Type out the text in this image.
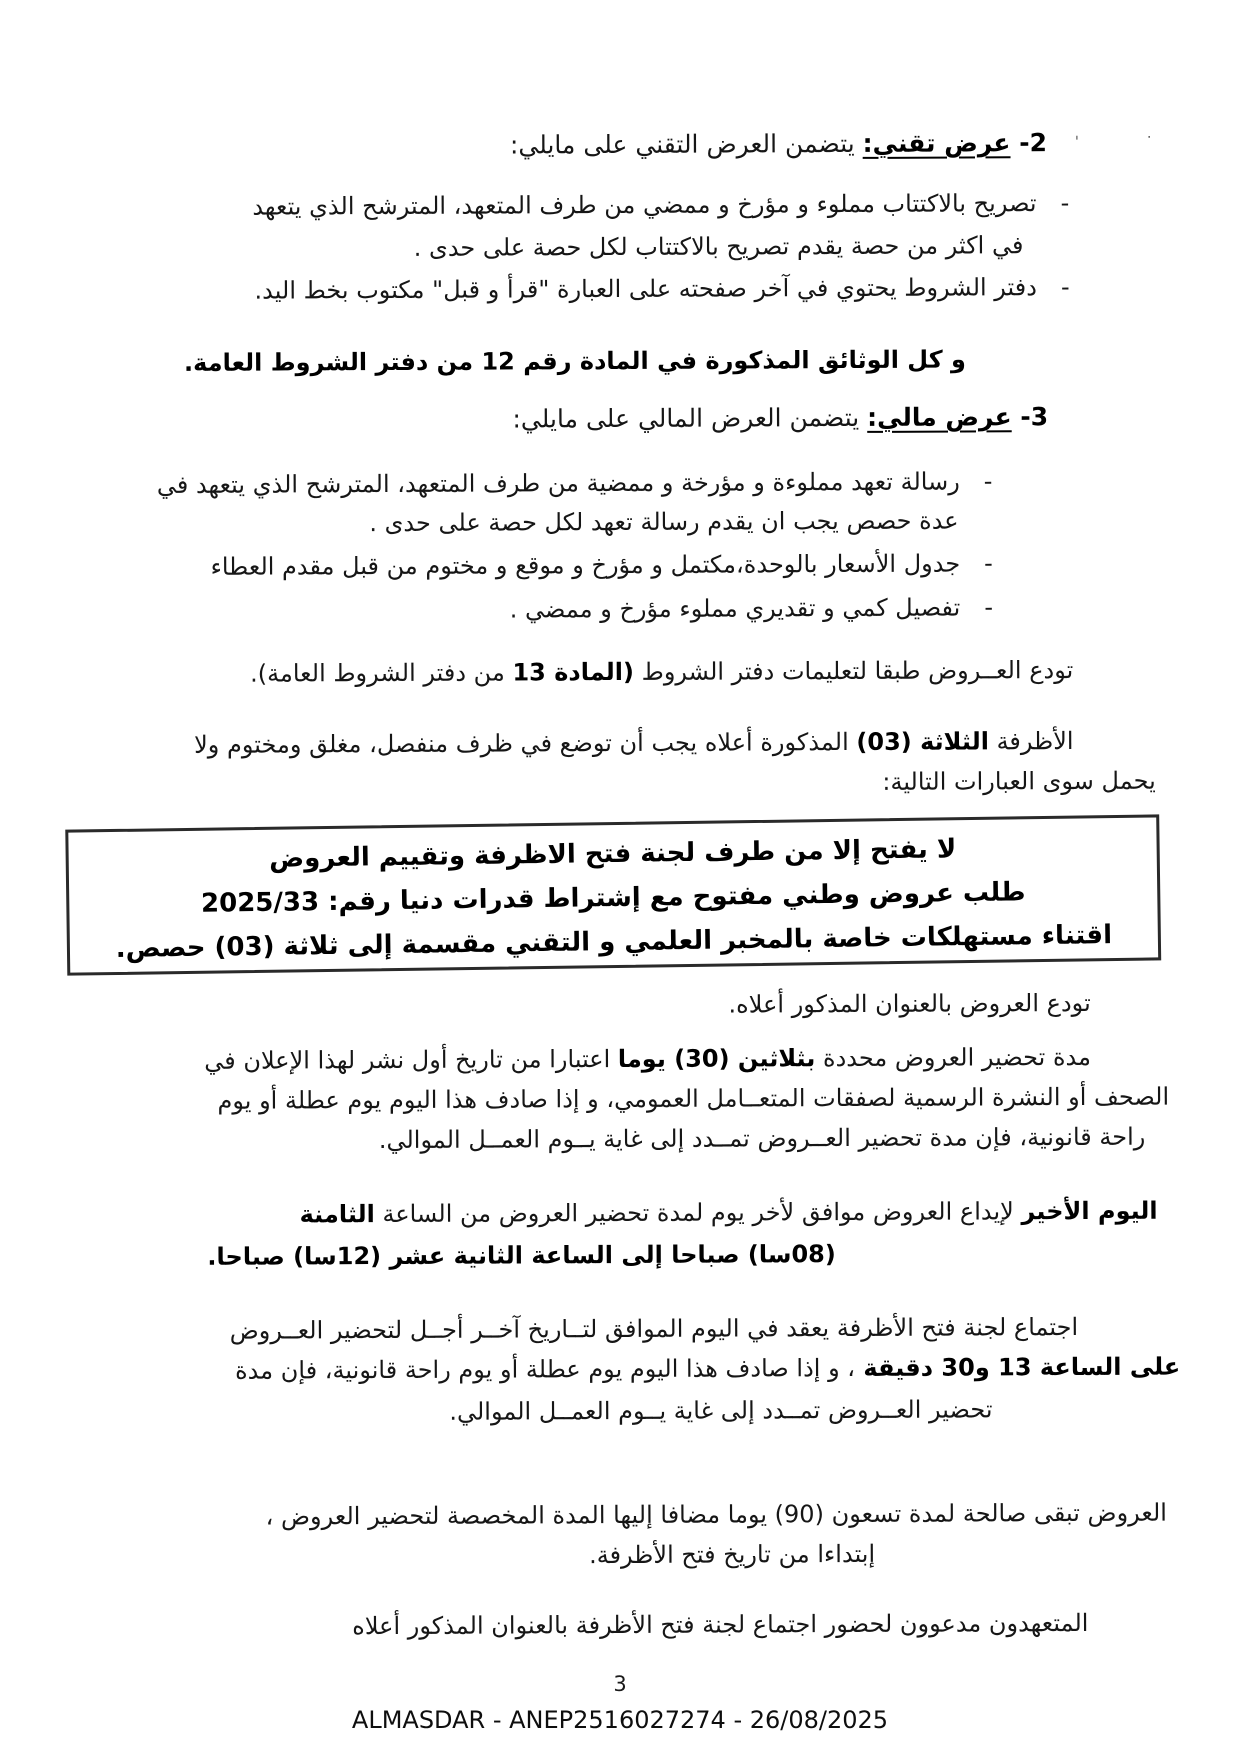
'	·
2- عرض تقني: يتضمن العرض التقني على مايلي:
-تصريح بالاكتتاب مملوء و مؤرخ و ممضي من طرف المتعهد، المترشح الذي يتعهد
في اكثر من حصة يقدم تصريح بالاكتتاب لكل حصة على حدى .
-دفتر الشروط يحتوي في آخر صفحته على العبارة "قرأ و قبل" مكتوب بخط اليد.
و كل الوثائق المذكورة في المادة رقم 12 من دفتر الشروط العامة.
3- عرض مالي: يتضمن العرض المالي على مايلي:
-رسالة تعهد مملوءة و مؤرخة و ممضية من طرف المتعهد، المترشح الذي يتعهد في
عدة حصص يجب ان يقدم رسالة تعهد لكل حصة على حدى .
-جدول الأسعار بالوحدة،مكتمل و مؤرخ و موقع و مختوم من قبل مقدم العطاء
-تفصيل كمي و تقديري مملوء مؤرخ و ممضي .
تودع العــروض طبقا لتعليمات دفتر الشروط (المادة 13 من دفتر الشروط العامة).
الأظرفة الثلاثة (03) المذكورة أعلاه يجب أن توضع في ظرف منفصل، مغلق ومختوم ولا
يحمل سوى العبارات التالية:
لا يفتح إلا من طرف لجنة فتح الاظرفة وتقييم العروض
طلب عروض وطني مفتوح مع إشتراط قدرات دنيا رقم: 2025/33
اقتناء مستهلكات خاصة بالمخبر العلمي و التقني مقسمة إلى ثلاثة (03) حصص.
تودع العروض بالعنوان المذكور أعلاه.
مدة تحضير العروض محددة بثلاثين (30) يوما اعتبارا من تاريخ أول نشر لهذا الإعلان في
الصحف أو النشرة الرسمية لصفقات المتعــامل العمومي، و إذا صادف هذا اليوم يوم عطلة أو يوم
راحة قانونية، فإن مدة تحضير العــروض تمــدد إلى غاية يــوم العمــل الموالي.
اليوم الأخير لإيداع العروض موافق لأخر يوم لمدة تحضير العروض من الساعة الثامنة
(08سا) صباحا إلى الساعة الثانية عشر (12سا) صباحا.
اجتماع لجنة فتح الأظرفة يعقد في اليوم الموافق لتــاريخ آخــر أجــل لتحضير العــروض
على الساعة 13 و30 دقيقة ، و إذا صادف هذا اليوم يوم عطلة أو يوم راحة قانونية، فإن مدة
تحضير العــروض تمــدد إلى غاية يــوم العمــل الموالي.
العروض تبقى صالحة لمدة تسعون (90) يوما مضافا إليها المدة المخصصة لتحضير العروض ،
إبتداءا من تاريخ فتح الأظرفة.
المتعهدون مدعوون لحضور اجتماع لجنة فتح الأظرفة بالعنوان المذكور أعلاه
3
ALMASDAR - ANEP2516027274 - 26/08/2025
